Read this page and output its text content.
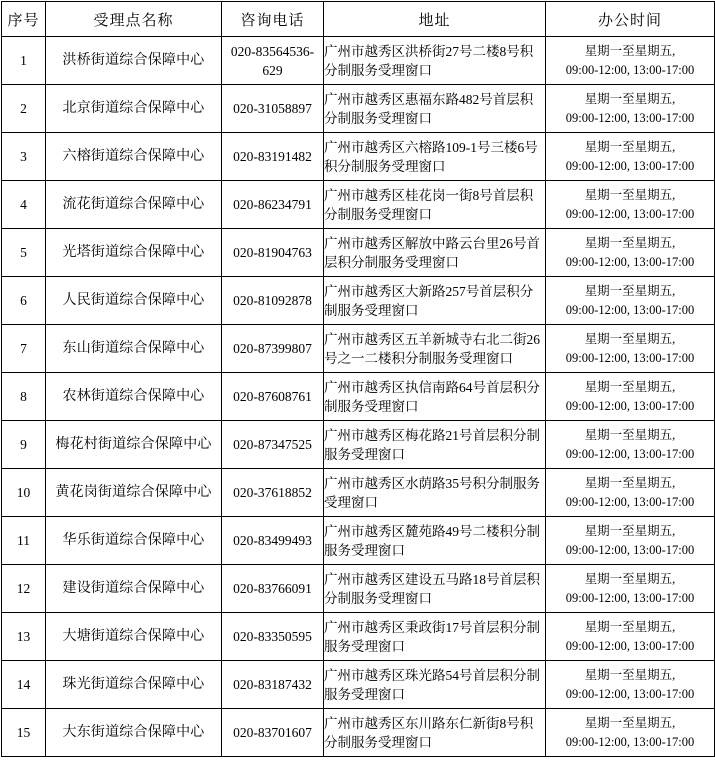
序号	受理点名称	咨询电话	地址	办公时间
1	洪桥街道综合保障中心	020-83564536-629	广州市越秀区洪桥街27号二楼8号积分制服务受理窗口	星期一至星期五,
09:00-12:00, 13:00-17:00

2	北京街道综合保障中心	020-31058897	广州市越秀区惠福东路482号首层积分制服务受理窗口	星期一至星期五,
09:00-12:00, 13:00-17:00

3	六榕街道综合保障中心	020-83191482	广州市越秀区六榕路109-1号三楼6号积分制服务受理窗口	星期一至星期五,
09:00-12:00, 13:00-17:00

4	流花街道综合保障中心	020-86234791	广州市越秀区桂花岗一街8号首层积分制服务受理窗口	星期一至星期五,
09:00-12:00, 13:00-17:00

5	光塔街道综合保障中心	020-81904763	广州市越秀区解放中路云台里26号首层积分制服务受理窗口	星期一至星期五,
09:00-12:00, 13:00-17:00

6	人民街道综合保障中心	020-81092878	广州市越秀区大新路257号首层积分制服务受理窗口	星期一至星期五,
09:00-12:00, 13:00-17:00

7	东山街道综合保障中心	020-87399807	广州市越秀区五羊新城寺右北二街26号之一二楼积分制服务受理窗口	星期一至星期五,
09:00-12:00, 13:00-17:00

8	农林街道综合保障中心	020-87608761	广州市越秀区执信南路64号首层积分制服务受理窗口	星期一至星期五,
09:00-12:00, 13:00-17:00

9	梅花村街道综合保障中心	020-87347525	广州市越秀区梅花路21号首层积分制服务受理窗口	星期一至星期五,
09:00-12:00, 13:00-17:00

10	黄花岗街道综合保障中心	020-37618852	广州市越秀区水荫路35号积分制服务受理窗口	星期一至星期五,
09:00-12:00, 13:00-17:00

11	华乐街道综合保障中心	020-83499493	广州市越秀区麓苑路49号二楼积分制服务受理窗口	星期一至星期五,
09:00-12:00, 13:00-17:00

12	建设街道综合保障中心	020-83766091	广州市越秀区建设五马路18号首层积分制服务受理窗口	星期一至星期五,
09:00-12:00, 13:00-17:00

13	大塘街道综合保障中心	020-83350595	广州市越秀区秉政街17号首层积分制服务受理窗口	星期一至星期五,
09:00-12:00, 13:00-17:00

14	珠光街道综合保障中心	020-83187432	广州市越秀区珠光路54号首层积分制服务受理窗口	星期一至星期五,
09:00-12:00, 13:00-17:00

15	大东街道综合保障中心	020-83701607	广州市越秀区东川路东仁新街8号积分制服务受理窗口	星期一至星期五,
09:00-12:00, 13:00-17:00
